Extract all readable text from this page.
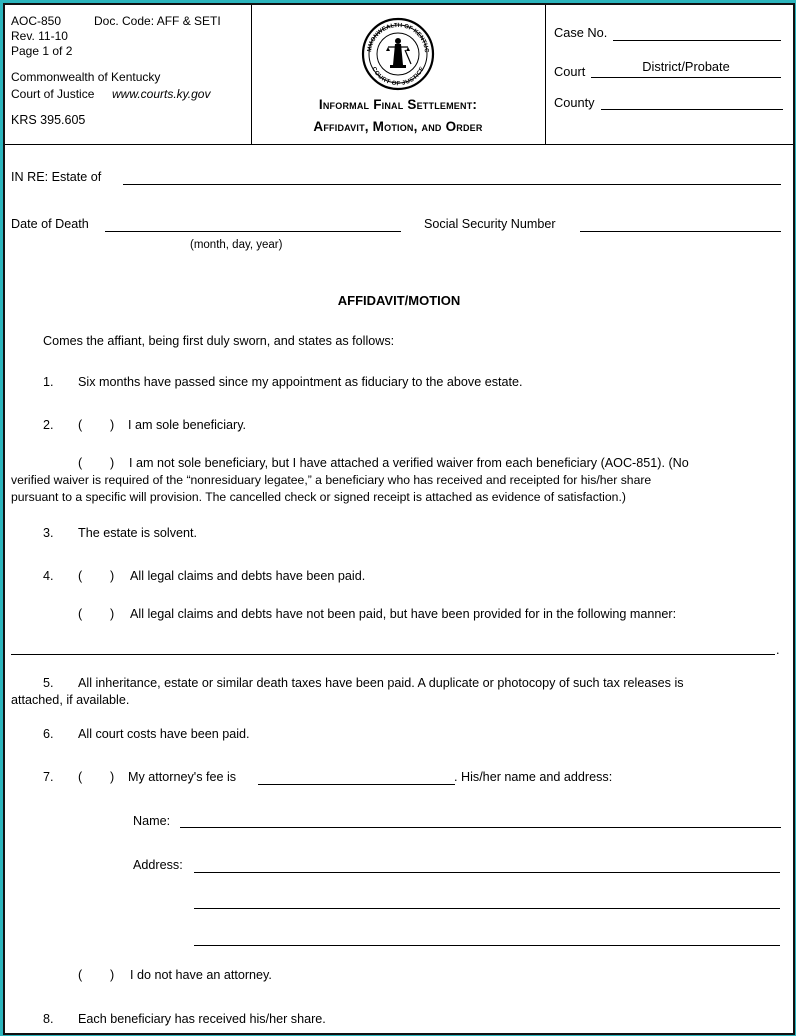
AOC-850	Doc. Code: AFF & SETI
Rev. 11-10
Page 1 of 2
Commonwealth of Kentucky
Court of Justice www.courts.ky.gov
KRS 395.605
MMONWEALTH OF KENTUC
COURT OF JUSTICE
Informal Final Settlement:
Affidavit, Motion, and Order
Case No.
Court	District/Probate
County
IN RE: Estate of
Date of Death
(month, day, year)
Social Security Number
AFFIDAVIT/MOTION
Comes the affiant, being first duly sworn, and states as follows:
1. Six months have passed since my appointment as fiduciary to the above estate.
2. ( ) I am sole beneficiary.
( ) I am not sole beneficiary, but I have attached a verified waiver from each beneficiary (AOC-851). (No
verified waiver is required of the “nonresiduary legatee,” a beneficiary who has received and receipted for his/her share
pursuant to a specific will provision. The cancelled check or signed receipt is attached as evidence of satisfaction.)
3. The estate is solvent.
4. ( ) All legal claims and debts have been paid.
( ) All legal claims and debts have not been paid, but have been provided for in the following manner:
.
5. All inheritance, estate or similar death taxes have been paid. A duplicate or photocopy of such tax releases is
attached, if available.
6. All court costs have been paid.
7. ( ) My attorney's fee is	. His/her name and address:
Name:
Address:
( ) I do not have an attorney.
8. Each beneficiary has received his/her share.
